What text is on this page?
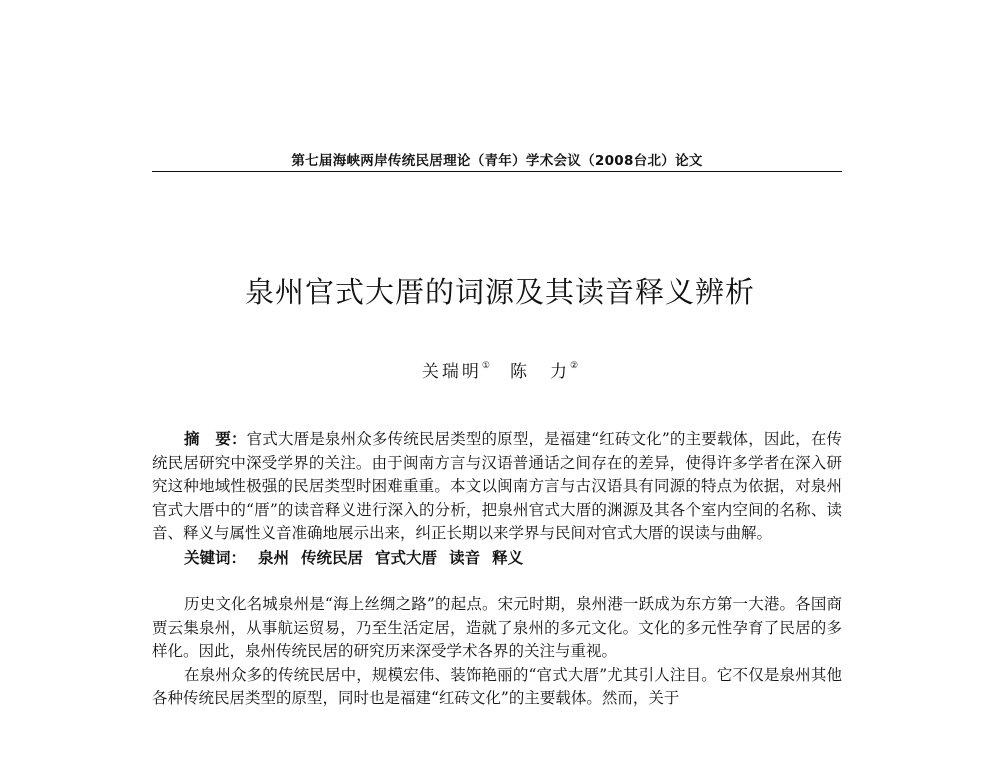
第七届海峡两岸传统民居理论（青年）学术会议（2008台北）论文
泉州官式大厝的词源及其读音释义辨析
关瑞明① 陈 力②

摘　要：官式大厝是泉州众多传统民居类型的原型，是福建“红砖文化”的主要载体，因此，在传统民居研究中深受学界的关注。由于闽南方言与汉语普通话之间存在的差异，使得许多学者在深入研究这种地域性极强的民居类型时困难重重。本文以闽南方言与古汉语具有同源的特点为依据，对泉州官式大厝中的“厝”的读音释义进行深入的分析，把泉州官式大厝的渊源及其各个室内空间的名称、读音、释义与属性义音准确地展示出来，纠正长期以来学界与民间对官式大厝的误读与曲解。

关键词： 泉州 传统民居 官式大厝 读音 释义

历史文化名城泉州是“海上丝绸之路”的起点。宋元时期，泉州港一跃成为东方第一大港。各国商贾云集泉州，从事航运贸易，乃至生活定居，造就了泉州的多元文化。文化的多元性孕育了民居的多样化。因此，泉州传统民居的研究历来深受学术各界的关注与重视。

在泉州众多的传统民居中，规模宏伟、装饰艳丽的“官式大厝”尤其引人注目。它不仅是泉州其他各种传统民居类型的原型，同时也是福建“红砖文化”的主要载体。然而，关于
